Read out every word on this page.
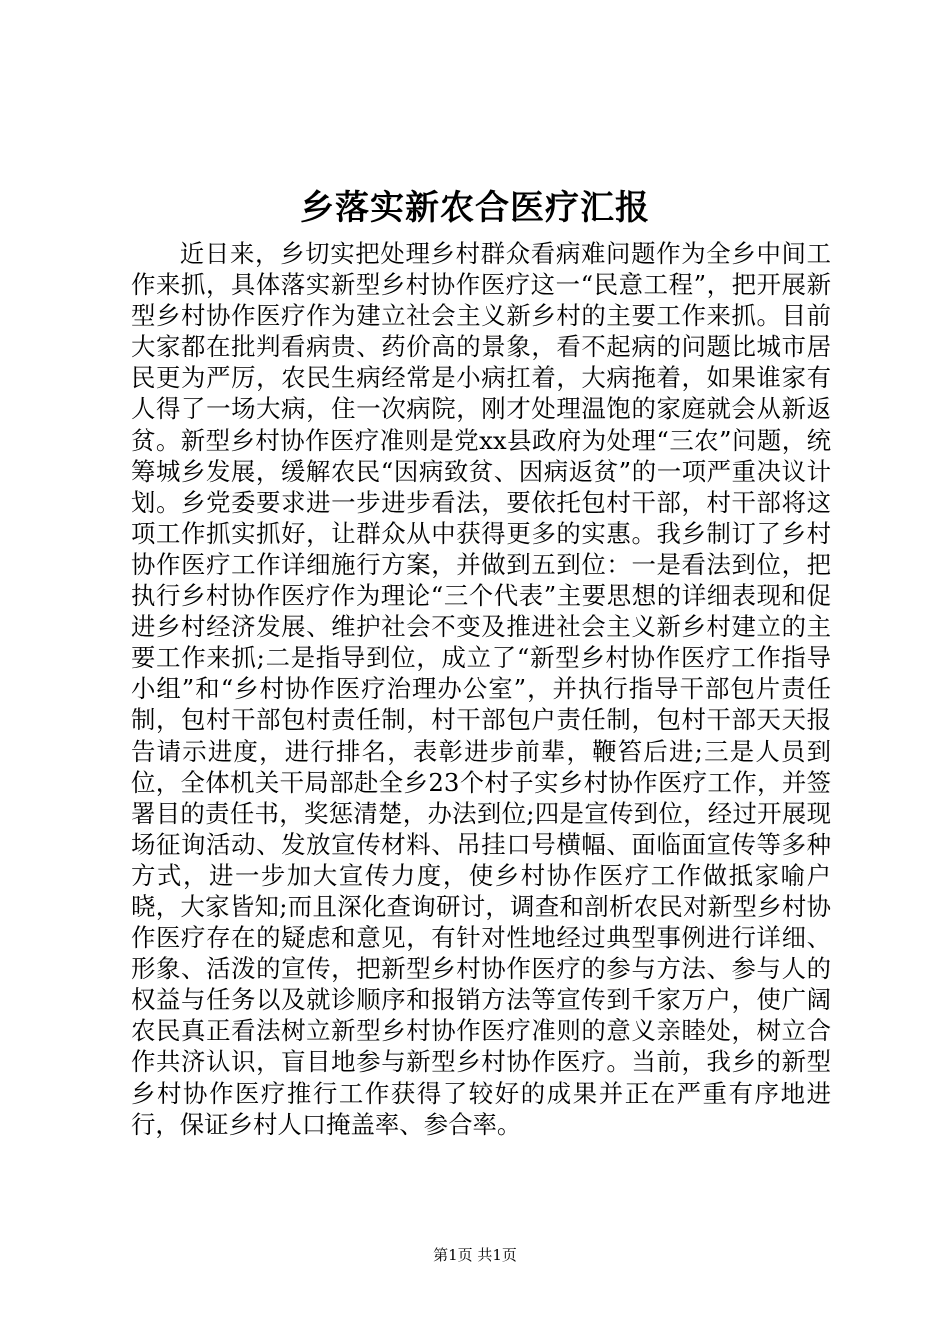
乡落实新农合医疗汇报

近日来，乡切实把处理乡村群众看病难问题作为全乡中间工作来抓，具体落实新型乡村协作医疗这一“民意工程”，把开展新型乡村协作医疗作为建立社会主义新乡村的主要工作来抓。目前大家都在批判看病贵、药价高的景象，看不起病的问题比城市居民更为严厉，农民生病经常是小病扛着，大病拖着，如果谁家有人得了一场大病，住一次病院，刚才处理温饱的家庭就会从新返贫。新型乡村协作医疗准则是党xx县政府为处理“三农”问题，统筹城乡发展，缓解农民“因病致贫、因病返贫”的一项严重决议计划。乡党委要求进一步进步看法，要依托包村干部，村干部将这项工作抓实抓好，让群众从中获得更多的实惠。我乡制订了乡村协作医疗工作详细施行方案，并做到五到位：一是看法到位，把执行乡村协作医疗作为理论“三个代表”主要思想的详细表现和促进乡村经济发展、维护社会不变及推进社会主义新乡村建立的主要工作来抓;二是指导到位，成立了“新型乡村协作医疗工作指导小组”和“乡村协作医疗治理办公室”，并执行指导干部包片责任制，包村干部包村责任制，村干部包户责任制，包村干部天天报告请示进度，进行排名，表彰进步前辈，鞭笞后进;三是人员到位，全体机关干局部赴全乡23个村子实乡村协作医疗工作，并签署目的责任书，奖惩清楚，办法到位;四是宣传到位，经过开展现场征询活动、发放宣传材料、吊挂口号横幅、面临面宣传等多种方式，进一步加大宣传力度，使乡村协作医疗工作做抵家喻户晓，大家皆知;而且深化查询研讨，调查和剖析农民对新型乡村协作医疗存在的疑虑和意见，有针对性地经过典型事例进行详细、形象、活泼的宣传，把新型乡村协作医疗的参与方法、参与人的权益与任务以及就诊顺序和报销方法等宣传到千家万户，使广阔农民真正看法树立新型乡村协作医疗准则的意义亲睦处，树立合作共济认识，盲目地参与新型乡村协作医疗。当前，我乡的新型乡村协作医疗推行工作获得了较好的成果并正在严重有序地进行，保证乡村人口掩盖率、参合率。

第1页 共1页
